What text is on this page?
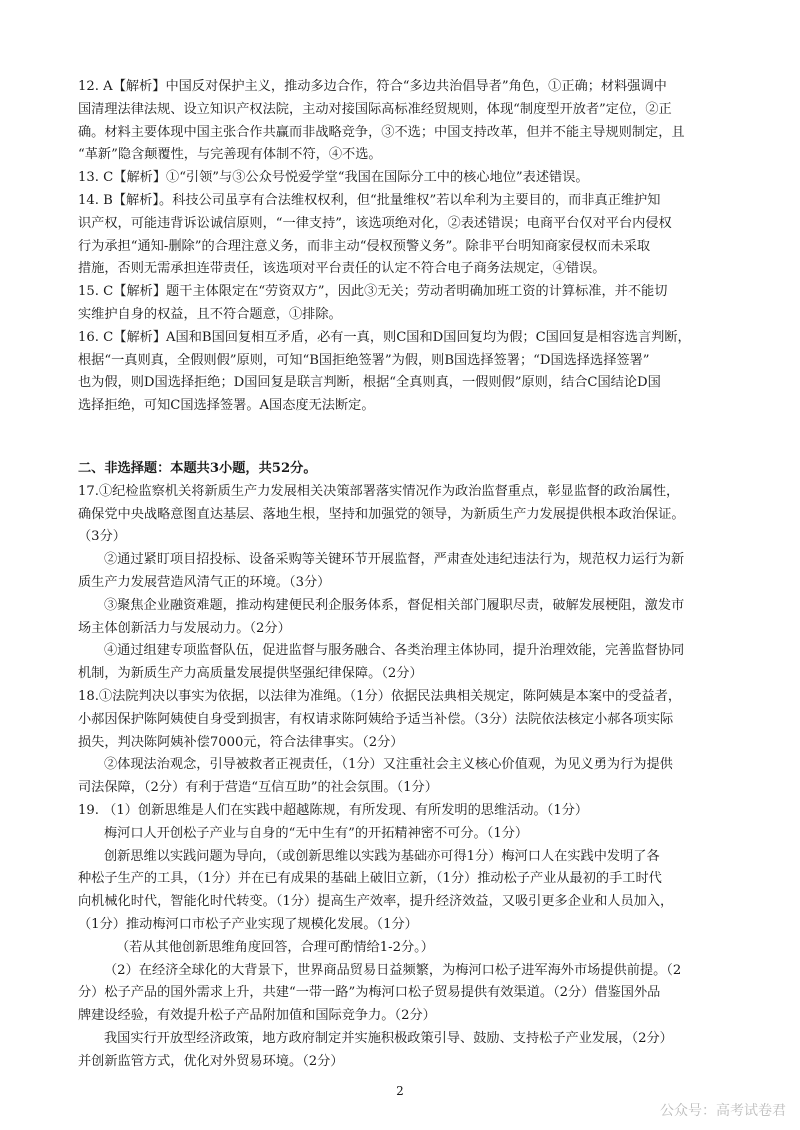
12. A【解析】中国反对保护主义，推动多边合作，符合“多边共治倡导者”角色，①正确；材料强调中
国清理法律法规、设立知识产权法院，主动对接国际高标准经贸规则，体现“制度型开放者”定位，②正
确。材料主要体现中国主张合作共赢而非战略竞争，③不选；中国支持改革，但并不能主导规则制定，且
“革新”隐含颠覆性，与完善现有体制不符，④不选。
13. C【解析】①“引领”与③公众号悦爱学堂“我国在国际分工中的核心地位”表述错误。
14. B【解析】。科技公司虽享有合法维权权利，但“批量维权”若以牟利为主要目的，而非真正维护知
识产权，可能违背诉讼诚信原则，“一律支持”，该选项绝对化，②表述错误；电商平台仅对平台内侵权
行为承担“通知-删除”的合理注意义务，而非主动“侵权预警义务”。除非平台明知商家侵权而未采取
措施，否则无需承担连带责任，该选项对平台责任的认定不符合电子商务法规定，④错误。
15. C【解析】题干主体限定在“劳资双方”，因此③无关；劳动者明确加班工资的计算标准，并不能切
实维护自身的权益，且不符合题意，①排除。
16. C【解析】A国和B国回复相互矛盾，必有一真，则C国和D国回复均为假；C国回复是相容选言判断，
根据“一真则真，全假则假”原则，可知“B国拒绝签署”为假，则B国选择签署；“D国选择选择签署”
也为假，则D国选择拒绝；D国回复是联言判断，根据“全真则真，一假则假”原则，结合C国结论D国
选择拒绝，可知C国选择签署。A国态度无法断定。
二、非选择题：本题共3小题，共52分。
17.①纪检监察机关将新质生产力发展相关决策部署落实情况作为政治监督重点，彰显监督的政治属性，
确保党中央战略意图直达基层、落地生根，坚持和加强党的领导，为新质生产力发展提供根本政治保证。
（3分）
②通过紧盯项目招投标、设备采购等关键环节开展监督，严肃查处违纪违法行为，规范权力运行为新
质生产力发展营造风清气正的环境。（3分）
③聚焦企业融资难题，推动构建便民利企服务体系，督促相关部门履职尽责，破解发展梗阻，激发市
场主体创新活力与发展动力。（2分）
④通过组建专项监督队伍，促进监督与服务融合、各类治理主体协同，提升治理效能，完善监督协同
机制，为新质生产力高质量发展提供坚强纪律保障。（2分）
18.①法院判决以事实为依据，以法律为准绳。（1分）依据民法典相关规定，陈阿姨是本案中的受益者，
小郝因保护陈阿姨使自身受到损害，有权请求陈阿姨给予适当补偿。（3分）法院依法核定小郝各项实际
损失，判决陈阿姨补偿7000元，符合法律事实。（2分）
②体现法治观念，引导被救者正视责任，（1分）又注重社会主义核心价值观，为见义勇为行为提供
司法保障，（2分）有利于营造“互信互助”的社会氛围。（1分）
19. （1）创新思维是人们在实践中超越陈规，有所发现、有所发明的思维活动。（1分）
梅河口人开创松子产业与自身的“无中生有”的开拓精神密不可分。（1分）
创新思维以实践问题为导向，（或创新思维以实践为基础亦可得1分）梅河口人在实践中发明了各
种松子生产的工具，（1分）并在已有成果的基础上破旧立新，（1分）推动松子产业从最初的手工时代
向机械化时代，智能化时代转变。（1分）提高生产效率，提升经济效益，又吸引更多企业和人员加入，
（1分）推动梅河口市松子产业实现了规模化发展。（1分）
（若从其他创新思维角度回答，合理可酌情给1-2分。）
（2）在经济全球化的大背景下，世界商品贸易日益频繁，为梅河口松子进军海外市场提供前提。（2
分）松子产品的国外需求上升，共建“一带一路”为梅河口松子贸易提供有效渠道。（2分）借鉴国外品
牌建设经验，有效提升松子产品附加值和国际竞争力。（2分）
我国实行开放型经济政策，地方政府制定并实施积极政策引导、鼓励、支持松子产业发展，（2分）
并创新监管方式，优化对外贸易环境。（2分）
公众号：高考试卷君
2
